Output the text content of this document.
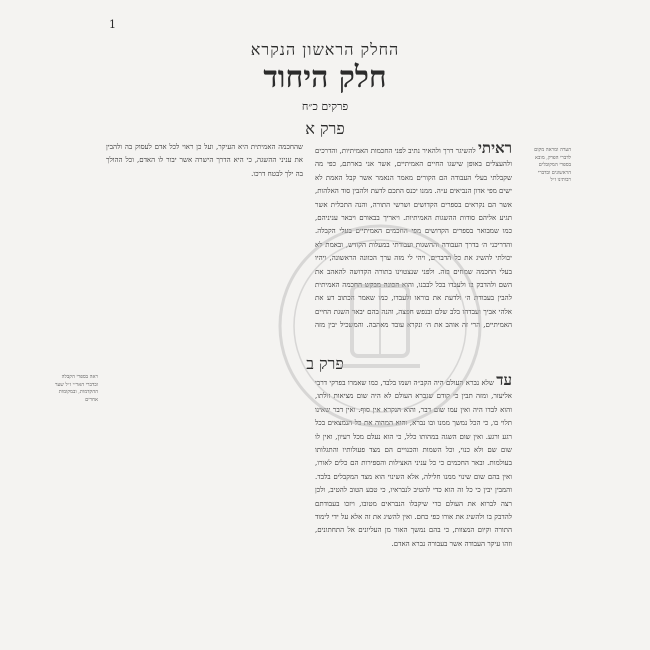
1
החלק הראשון הנקרא
חלק היחוד
פרקים כ״ח
פרק א

ראיתי להשיגר דרך ולהאיר נתיב לפני החכמות האמיתיות, והדרכים ולהעצלים באופן שישגו החיים האמיתיים, אשר אני בארתם, כפי מה שקבלתי בעלי העבודה הם הקורים מאמר הנאמר אשר קבל האמת לא ישים מפי אדון הנביאים ע״ה. ממנו יכנס התכם לדעת ולהבין סוד האלהות, אשר הם נקראים בספרים הקדושים ושרשי התורה, והנה התכלית אשר תגיע אליהם סודות ההשגות האמיתיות. ויאריך בבאורם ויבאר עניניהם, כמו שמבואר בספרים הקדושים מפי החכמים האמיתיים בעלי הקבלה. והדריכני ה׳ בדרך העבודה וההשגות ועבודתי במעלות הקודש, ובאמת לא יכולתי להשיג את כל הדברים, ויהי לי מזה ערך הכוונה הראשונה, ויהיו בעלי החכמה שמחים בזה. ולפני שנצטוינו בתורה הקדושה להאהב את השם ולהדבק בו ולעבדו בכל לבבנו, והוא הכונה מבקש החכמה האמיתית להבין בעבודת ה׳ ולדעת את בוראו ולעבדו, כמו שאמר הכתוב דע את אלהי אביך ועבדהו בלב שלם ובנפש חפצה, והנה בהם יבאר השגת החיים האמיתיים, הרי זה אוהב את ה׳ ונקרא עובד מאהבה. והמשכיל יבין מזה שהחכמה האמיתית היא העיקר, ועל כן ראוי לכל אדם לעסוק בה ולהבין את עניני ההשגה, כי היא הדרך הישרה אשר יבור לו האדם, וכל ההולך בה ילך לבטח דרכו.

הערה ומראה מקום לדברי הפרק, מובא בספרי המקובלים הראשונים ובדברי רבותינו ז״ל
פרק ב

עד שלא נברא העולם היה הקב״ה ושמו בלבד, כמו שאמרו בפרקי דרבי אליעזר, ומזה תבין כי קודם שנברא העולם לא היה שום מציאות זולתו, והוא לבדו היה ואין עמו שום דבר, והוא הנקרא אין סוף. ואין דבר שאינו תלוי בו, כי הכל נמשך ממנו ובו נברא, והוא המהוה את כל הנמצאים בכל רגע ורגע. ואין שום השגה במהותו כלל, כי הוא נעלם מכל רעיון, ואין לו שום שם ולא כנוי, וכל השמות והכנויים הם מצד פעולותיו והתגלותו בעולמות. ובאר החכמים כי כל עניני האצילות והספירות הם כלים לאורו, ואין בהם שום שינוי ממנו חלילה, אלא השינוי הוא מצד המקבלים בלבד. והמבין יבין כי כל זה הוא כדי להטיב לנבראיו, כי טבע הטוב להטיב, ולכן רצה לברוא את העולם כדי שיקבלו הנבראים מטובו, ויזכו בעבודתם להדבק בו ולהשיג את אורו כפי כחם. ואין להשיג את זה אלא על ידי לימוד התורה וקיום המצוות, כי בהם נמשך האור מן העליונים אל התחתונים, וזהו עיקר העבודה אשר בעבורה נברא האדם.

ראה בספרי הקבלה ובדברי האר״י ז״ל שער ההקדמות, ובמקומות אחרים
